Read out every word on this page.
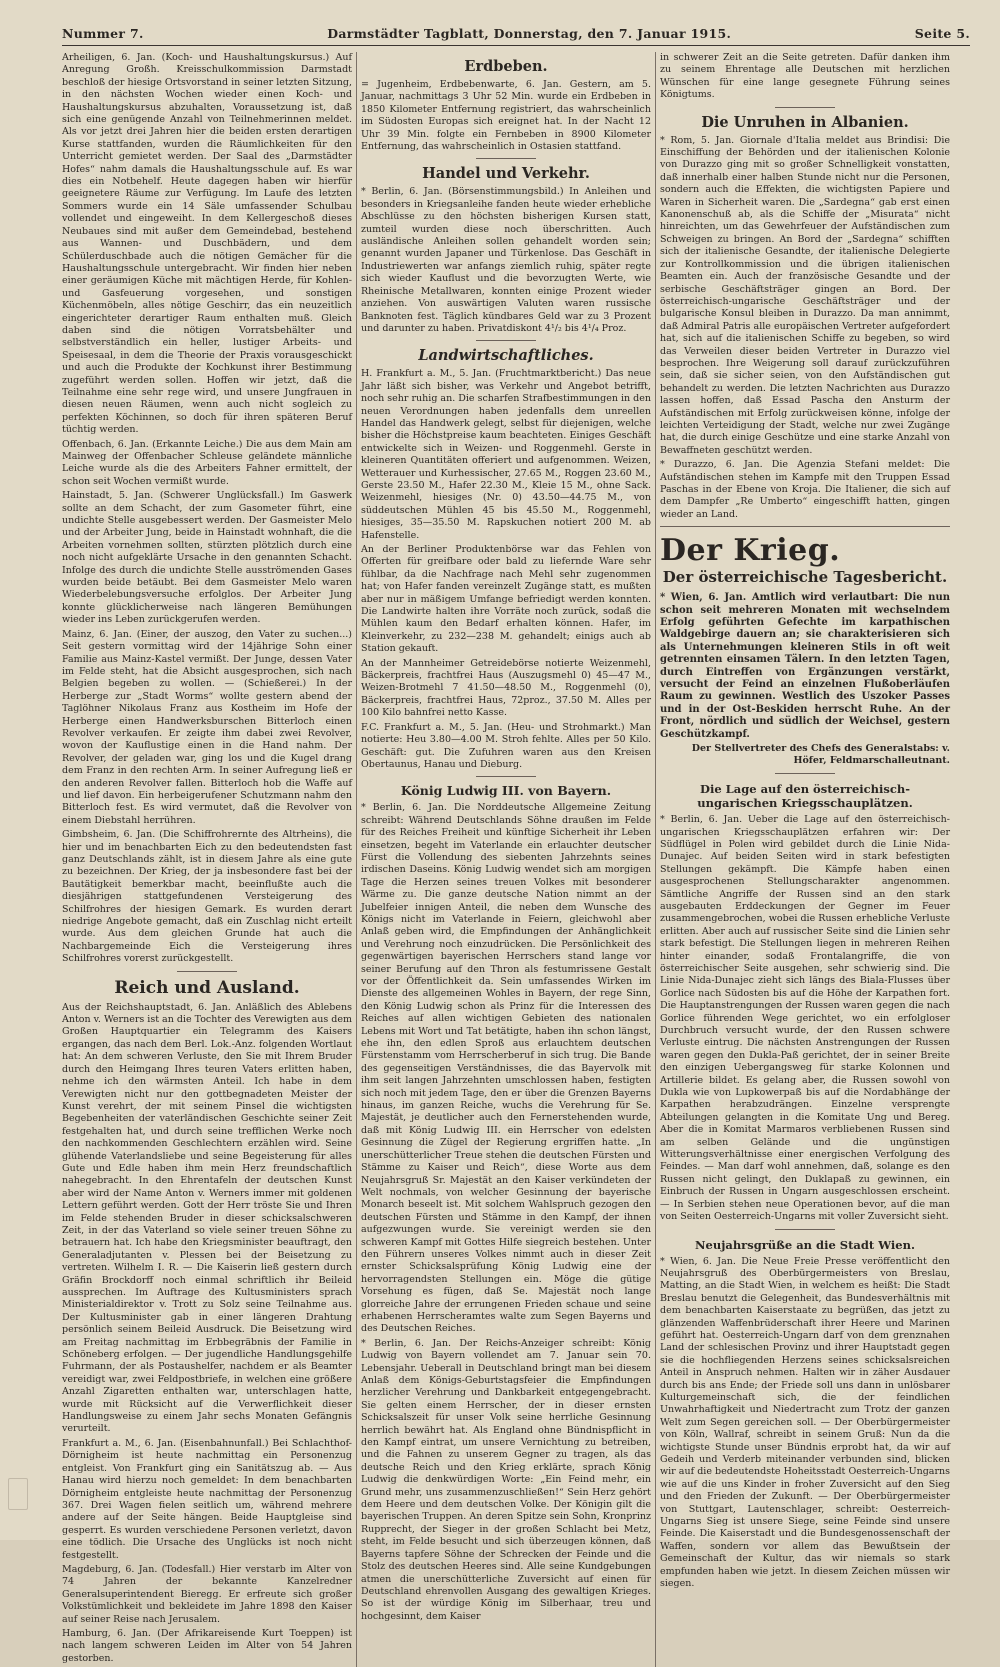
Nummer 7.	Darmstädter Tagblatt, Donnerstag, den 7. Januar 1915.	Seite 5.

Arheiligen, 6. Jan. (Koch- und Haushaltungskursus.) Auf Anregung Großh. Kreisschulkommission Darmstadt beschloß der hiesige Ortsvorstand in seiner letzten Sitzung, in den nächsten Wochen wieder einen Koch- und Haushaltungskursus abzuhalten, Voraussetzung ist, daß sich eine genügende Anzahl von Teilnehmerinnen meldet. Als vor jetzt drei Jahren hier die beiden ersten derartigen Kurse stattfanden, wurden die Räumlichkeiten für den Unterricht gemietet werden. Der Saal des „Darmstädter Hofes“ nahm damals die Haushaltungsschule auf. Es war dies ein Notbehelf. Heute dagegen haben wir hierfür geeignetere Räume zur Verfügung. Im Laufe des letzten Sommers wurde ein 14 Säle umfassender Schulbau vollendet und eingeweiht. In dem Kellergeschoß dieses Neubaues sind mit außer dem Gemeindebad, bestehend aus Wannen- und Duschbädern, und dem Schülerduschbade auch die nötigen Gemächer für die Haushaltungsschule untergebracht. Wir finden hier neben einer geräumigen Küche mit mächtigen Herde, für Kohlen- und Gasfeuerung vorgesehen, und sonstigen Küchenmöbeln, alles nötige Geschirr, das ein neuzeitlich eingerichteter derartiger Raum enthalten muß. Gleich daben sind die nötigen Vorratsbehälter und selbstverständlich ein heller, lustiger Arbeits- und Speisesaal, in dem die Theorie der Praxis vorausgeschickt und auch die Produkte der Kochkunst ihrer Bestimmung zugeführt werden sollen. Hoffen wir jetzt, daß die Teilnahme eine sehr rege wird, und unsere Jungfrauen in diesen neuen Räumen, wenn auch nicht sogleich zu perfekten Köchinnen, so doch für ihren späteren Beruf tüchtig werden.

Offenbach, 6. Jan. (Erkannte Leiche.) Die aus dem Main am Mainweg der Offenbacher Schleuse geländete männliche Leiche wurde als die des Arbeiters Fahner ermittelt, der schon seit Wochen vermißt wurde.

Hainstadt, 5. Jan. (Schwerer Unglücksfall.) Im Gaswerk sollte an dem Schacht, der zum Gasometer führt, eine undichte Stelle ausgebessert werden. Der Gasmeister Melo und der Arbeiter Jung, beide in Hainstadt wohnhaft, die die Arbeiten vornehmen sollten, stürzten plötzlich durch eine noch nicht aufgeklärte Ursache in den genannten Schacht. Infolge des durch die undichte Stelle ausströmenden Gases wurden beide betäubt. Bei dem Gasmeister Melo waren Wiederbelebungsversuche erfolglos. Der Arbeiter Jung konnte glücklicherweise nach längeren Bemühungen wieder ins Leben zurückgerufen werden.

Mainz, 6. Jan. (Einer, der auszog, den Vater zu suchen...) Seit gestern vormittag wird der 14jährige Sohn einer Familie aus Mainz-Kastel vermißt. Der Junge, dessen Vater im Felde steht, hat die Absicht ausgesprochen, sich nach Belgien begeben zu wollen. — (Schießerei.) In der Herberge zur „Stadt Worms“ wollte gestern abend der Taglöhner Nikolaus Franz aus Kostheim im Hofe der Herberge einen Handwerksburschen Bitterloch einen Revolver verkaufen. Er zeigte ihm dabei zwei Revolver, wovon der Kauflustige einen in die Hand nahm. Der Revolver, der geladen war, ging los und die Kugel drang dem Franz in den rechten Arm. In seiner Aufregung ließ er den anderen Revolver fallen. Bitterloch hob die Waffe auf und lief davon. Ein herbeigerufener Schutzmann nahm den Bitterloch fest. Es wird vermutet, daß die Revolver von einem Diebstahl herrühren.

Gimbsheim, 6. Jan. (Die Schiffrohrernte des Altrheins), die hier und im benachbarten Eich zu den bedeutendsten fast ganz Deutschlands zählt, ist in diesem Jahre als eine gute zu bezeichnen. Der Krieg, der ja insbesondere fast bei der Bautätigkeit bemerkbar macht, beeinflußte auch die diesjährigen stattgefundenen Versteigerung des Schilfrohres der hiesigen Gemark. Es wurden derart niedrige Angebote gemacht, daß ein Zuschlag nicht erteilt wurde. Aus dem gleichen Grunde hat auch die Nachbargemeinde Eich die Versteigerung ihres Schilfrohres vorerst zurückgestellt.

Reich und Ausland.

Aus der Reichshauptstadt, 6. Jan. Anläßlich des Ablebens Anton v. Werners ist an die Tochter des Verewigten aus dem Großen Hauptquartier ein Telegramm des Kaisers ergangen, das nach dem Berl. Lok.-Anz. folgenden Wortlaut hat: An dem schweren Verluste, den Sie mit Ihrem Bruder durch den Heimgang Ihres teuren Vaters erlitten haben, nehme ich den wärmsten Anteil. Ich habe in dem Verewigten nicht nur den gottbegnadeten Meister der Kunst verehrt, der mit seinem Pinsel die wichtigsten Begebenheiten der vaterländischen Geschichte seiner Zeit festgehalten hat, und durch seine trefflichen Werke noch den nachkommenden Geschlechtern erzählen wird. Seine glühende Vaterlandsliebe und seine Begeisterung für alles Gute und Edle haben ihm mein Herz freundschaftlich nahegebracht. In den Ehrentafeln der deutschen Kunst aber wird der Name Anton v. Werners immer mit goldenen Lettern geführt werden. Gott der Herr tröste Sie und Ihren im Felde stehenden Bruder in dieser schicksalschweren Zeit, in der das Vaterland so viele seiner treuen Söhne zu betrauern hat. Ich habe den Kriegsminister beauftragt, den Generaladjutanten v. Plessen bei der Beisetzung zu vertreten. Wilhelm I. R. — Die Kaiserin ließ gestern durch Gräfin Brockdorff noch einmal schriftlich ihr Beileid aussprechen. Im Auftrage des Kultusministers sprach Ministerialdirektor v. Trott zu Solz seine Teilnahme aus. Der Kultusminister gab in einer längeren Drahtung persönlich seinem Beileid Ausdruck. Die Beisetzung wird am Freitag nachmittag im Erbbegräbnis der Familie in Schöneberg erfolgen. — Der jugendliche Handlungsgehilfe Fuhrmann, der als Postaushelfer, nachdem er als Beamter vereidigt war, zwei Feldpostbriefe, in welchen eine größere Anzahl Zigaretten enthalten war, unterschlagen hatte, wurde mit Rücksicht auf die Verwerflichkeit dieser Handlungsweise zu einem Jahr sechs Monaten Gefängnis verurteilt.

Frankfurt a. M., 6. Jan. (Eisenbahnunfall.) Bei Schlachthof-Dörnigheim ist heute nachmittag ein Personenzug entgleist. Von Frankfurt ging ein Sanitätszug ab. — Aus Hanau wird hierzu noch gemeldet: In dem benachbarten Dörnigheim entgleiste heute nachmittag der Personenzug 367. Drei Wagen fielen seitlich um, während mehrere andere auf der Seite hängen. Beide Hauptgleise sind gesperrt. Es wurden verschiedene Personen verletzt, davon eine tödlich. Die Ursache des Unglücks ist noch nicht festgestellt.

Magdeburg, 6. Jan. (Todesfall.) Hier verstarb im Alter von 74 Jahren der bekannte Kanzelredner Generalsuperintendent Bieregg. Er erfreute sich großer Volkstümlichkeit und bekleidete im Jahre 1898 den Kaiser auf seiner Reise nach Jerusalem.

Hamburg, 6. Jan. (Der Afrikareisende Kurt Toeppen) ist nach langem schweren Leiden im Alter von 54 Jahren gestorben.

Erdbeben.

= Jugenheim, Erdbebenwarte, 6. Jan. Gestern, am 5. Januar, nachmittags 3 Uhr 52 Min. wurde ein Erdbeben in 1850 Kilometer Entfernung registriert, das wahrscheinlich im Südosten Europas sich ereignet hat. In der Nacht 12 Uhr 39 Min. folgte ein Fernbeben in 8900 Kilometer Entfernung, das wahrscheinlich in Ostasien stattfand.

Handel und Verkehr.

* Berlin, 6. Jan. (Börsenstimmungsbild.) In Anleihen und besonders in Kriegsanleihe fanden heute wieder erhebliche Abschlüsse zu den höchsten bisherigen Kursen statt, zumteil wurden diese noch überschritten. Auch ausländische Anleihen sollen gehandelt worden sein; genannt wurden Japaner und Türkenlose. Das Geschäft in Industriewerten war anfangs ziemlich ruhig, später regte sich wieder Kauflust und die bevorzugten Werte, wie Rheinische Metallwaren, konnten einige Prozent wieder anziehen. Von auswärtigen Valuten waren russische Banknoten fest. Täglich kündbares Geld war zu 3 Prozent und darunter zu haben. Privatdiskont 4¹/₂ bis 4¹/₄ Proz.

Landwirtschaftliches.

H. Frankfurt a. M., 5. Jan. (Fruchtmarktbericht.) Das neue Jahr läßt sich bisher, was Verkehr und Angebot betrifft, noch sehr ruhig an. Die scharfen Strafbestimmungen in den neuen Verordnungen haben jedenfalls dem unreellen Handel das Handwerk gelegt, selbst für diejenigen, welche bisher die Höchstpreise kaum beachteten. Einiges Geschäft entwickelte sich in Weizen- und Roggenmehl. Gerste in kleineren Quantitäten offeriert und aufgenommen. Weizen, Wetterauer und Kurhessischer, 27.65 M., Roggen 23.60 M., Gerste 23.50 M., Hafer 22.30 M., Kleie 15 M., ohne Sack. Weizenmehl, hiesiges (Nr. 0) 43.50—44.75 M., von süddeutschen Mühlen 45 bis 45.50 M., Roggenmehl, hiesiges, 35—35.50 M. Rapskuchen notiert 200 M. ab Hafenstelle.

An der Berliner Produktenbörse war das Fehlen von Offerten für greifbare oder bald zu liefernde Ware sehr fühlbar, da die Nachfrage nach Mehl sehr zugenommen hat; von Hafer fanden vereinzelt Zugänge statt, es mußten aber nur in mäßigem Umfange befriedigt werden konnten. Die Landwirte halten ihre Vorräte noch zurück, sodaß die Mühlen kaum den Bedarf erhalten können. Hafer, im Kleinverkehr, zu 232—238 M. gehandelt; einigs auch ab Station gekauft.

An der Mannheimer Getreidebörse notierte Weizenmehl, Bäckerpreis, frachtfrei Haus (Auszugsmehl 0) 45—47 M., Weizen-Brotmehl 7 41.50—48.50 M., Roggenmehl (0), Bäckerpreis, frachtfrei Haus, 72proz., 37.50 M. Alles per 100 Kilo bahnfrei netto Kasse.

F.C. Frankfurt a. M., 5. Jan. (Heu- und Strohmarkt.) Man notierte: Heu 3.80—4.00 M. Stroh fehlte. Alles per 50 Kilo. Geschäft: gut. Die Zufuhren waren aus den Kreisen Obertaunus, Hanau und Dieburg.

König Ludwig III. von Bayern.

* Berlin, 6. Jan. Die Norddeutsche Allgemeine Zeitung schreibt: Während Deutschlands Söhne draußen im Felde für des Reiches Freiheit und künftige Sicherheit ihr Leben einsetzen, begeht im Vaterlande ein erlauchter deutscher Fürst die Vollendung des siebenten Jahrzehnts seines irdischen Daseins. König Ludwig wendet sich am morgigen Tage die Herzen seines treuen Volkes mit besonderer Wärme zu. Die ganze deutsche Nation nimmt an der Jubelfeier innigen Anteil, die neben dem Wunsche des Königs nicht im Vaterlande in Feiern, gleichwohl aber Anlaß geben wird, die Empfindungen der Anhänglichkeit und Verehrung noch einzudrücken. Die Persönlichkeit des gegenwärtigen bayerischen Herrschers stand lange vor seiner Berufung auf den Thron als festumrissene Gestalt vor der Öffentlichkeit da. Sein umfassendes Wirken im Dienste des allgemeinen Wohles in Bayern, der rege Sinn, den König Ludwig schon als Prinz für die Interessen des Reiches auf allen wichtigen Gebieten des nationalen Lebens mit Wort und Tat betätigte, haben ihn schon längst, ehe ihn, den edlen Sproß aus erlauchtem deutschen Fürstenstamm vom Herrscherberuf in sich trug. Die Bande des gegenseitigen Verständnisses, die das Bayervolk mit ihm seit langen Jahrzehnten umschlossen haben, festigten sich noch mit jedem Tage, den er über die Grenzen Bayerns hinaus, im ganzen Reiche, wuchs die Verehrung für Se. Majestät, je deutlicher auch den Fernerstehenden wurde, daß mit König Ludwig III. ein Herrscher von edelsten Gesinnung die Zügel der Regierung ergriffen hatte. „In unerschütterlicher Treue stehen die deutschen Fürsten und Stämme zu Kaiser und Reich“, diese Worte aus dem Neujahrsgruß Sr. Majestät an den Kaiser verkündeten der Welt nochmals, von welcher Gesinnung der bayerische Monarch beseelt ist. Mit solchem Wahlspruch gezogen den deutschen Fürsten und Stämme in den Kampf, der ihnen aufgezwungen wurde. Sie vereinigt werden sie den schweren Kampf mit Gottes Hilfe siegreich bestehen. Unter den Führern unseres Volkes nimmt auch in dieser Zeit ernster Schicksalsprüfung König Ludwig eine der hervorragendsten Stellungen ein. Möge die gütige Vorsehung es fügen, daß Se. Majestät noch lange glorreiche Jahre der errungenen Frieden schaue und seine erhabenen Herrscheramtes walte zum Segen Bayerns und des Deutschen Reiches.

* Berlin, 6. Jan. Der Reichs-Anzeiger schreibt: König Ludwig von Bayern vollendet am 7. Januar sein 70. Lebensjahr. Ueberall in Deutschland bringt man bei diesem Anlaß dem Königs-Geburtstagsfeier die Empfindungen herzlicher Verehrung und Dankbarkeit entgegengebracht. Sie gelten einem Herrscher, der in dieser ernsten Schicksalszeit für unser Volk seine herrliche Gesinnung herrlich bewährt hat. Als England ohne Bündnispflicht in den Kampf eintrat, um unsere Vernichtung zu betreiben, und die Fahnen zu unserem Gegner zu tragen, als das deutsche Reich und den Krieg erklärte, sprach König Ludwig die denkwürdigen Worte: „Ein Feind mehr, ein Grund mehr, uns zusammenzuschließen!“ Sein Herz gehört dem Heere und dem deutschen Volke. Der Königin gilt die bayerischen Truppen. An deren Spitze sein Sohn, Kronprinz Rupprecht, der Sieger in der großen Schlacht bei Metz, steht, im Felde besucht und sich überzeugen können, daß Bayerns tapfere Söhne der Schrecken der Feinde und die Stolz des deutschen Heeres sind. Alle seine Kundgebungen atmen die unerschütterliche Zuversicht auf einen für Deutschland ehrenvollen Ausgang des gewaltigen Krieges. So ist der würdige König im Silberhaar, treu und hochgesinnt, dem Kaiser

in schwerer Zeit an die Seite getreten. Dafür danken ihm zu seinem Ehrentage alle Deutschen mit herzlichen Wünschen für eine lange gesegnete Führung seines Königtums.

Die Unruhen in Albanien.

* Rom, 5. Jan. Giornale d'Italia meldet aus Brindisi: Die Einschiffung der Behörden und der italienischen Kolonie von Durazzo ging mit so großer Schnelligkeit vonstatten, daß innerhalb einer halben Stunde nicht nur die Personen, sondern auch die Effekten, die wichtigsten Papiere und Waren in Sicherheit waren. Die „Sardegna“ gab erst einen Kanonenschuß ab, als die Schiffe der „Misurata“ nicht hinreichten, um das Gewehrfeuer der Aufständischen zum Schweigen zu bringen. An Bord der „Sardegna“ schifften sich der italienische Gesandte, der italienische Delegierte zur Kontrollkommission und die übrigen italienischen Beamten ein. Auch der französische Gesandte und der serbische Geschäftsträger gingen an Bord. Der österreichisch-ungarische Geschäftsträger und der bulgarische Konsul bleiben in Durazzo. Da man annimmt, daß Admiral Patris alle europäischen Vertreter aufgefordert hat, sich auf die italienischen Schiffe zu begeben, so wird das Verweilen dieser beiden Vertreter in Durazzo viel besprochen. Ihre Weigerung soll darauf zurückzuführen sein, daß sie sicher seien, von den Aufständischen gut behandelt zu werden. Die letzten Nachrichten aus Durazzo lassen hoffen, daß Essad Pascha den Ansturm der Aufständischen mit Erfolg zurückweisen könne, infolge der leichten Verteidigung der Stadt, welche nur zwei Zugänge hat, die durch einige Geschütze und eine starke Anzahl von Bewaffneten geschützt werden.

* Durazzo, 6. Jan. Die Agenzia Stefani meldet: Die Aufständischen stehen im Kampfe mit den Truppen Essad Paschas in der Ebene von Kroja. Die Italiener, die sich auf dem Dampfer „Re Umberto“ eingeschifft hatten, gingen wieder an Land.

Der Krieg.
Der österreichische Tagesbericht.

* Wien, 6. Jan. Amtlich wird verlautbart: Die nun schon seit mehreren Monaten mit wechselndem Erfolg geführten Gefechte im karpathischen Waldgebirge dauern an; sie charakterisieren sich als Unternehmungen kleineren Stils in oft weit getrennten einsamen Tälern. In den letzten Tagen, durch Eintreffen von Ergänzungen verstärkt, versucht der Feind an einzelnen Flußoberläufen Raum zu gewinnen. Westlich des Uszoker Passes und in der Ost-Beskiden herrscht Ruhe. An der Front, nördlich und südlich der Weichsel, gestern Geschützkampf.

Der Stellvertreter des Chefs des Generalstabs: v. Höfer, Feldmarschalleutnant.
Die Lage auf den österreichisch-ungarischen Kriegsschauplätzen.

* Berlin, 6. Jan. Ueber die Lage auf den österreichisch-ungarischen Kriegsschauplätzen erfahren wir: Der Südflügel in Polen wird gebildet durch die Linie Nida-Dunajec. Auf beiden Seiten wird in stark befestigten Stellungen gekämpft. Die Kämpfe haben einen ausgesprochenen Stellungscharakter angenommen. Sämtliche Angriffe der Russen sind an den stark ausgebauten Erddeckungen der Gegner im Feuer zusammengebrochen, wobei die Russen erhebliche Verluste erlitten. Aber auch auf russischer Seite sind die Linien sehr stark befestigt. Die Stellungen liegen in mehreren Reihen hinter einander, sodaß Frontalangriffe, die von österreichischer Seite ausgehen, sehr schwierig sind. Die Linie Nida-Dunajec zieht sich längs des Biala-Flusses über Gorlice nach Südosten bis auf die Höhe der Karpathen fort. Die Hauptanstrengungen der Russen waren gegen die nach Gorlice führenden Wege gerichtet, wo ein erfolgloser Durchbruch versucht wurde, der den Russen schwere Verluste eintrug. Die nächsten Anstrengungen der Russen waren gegen den Dukla-Paß gerichtet, der in seiner Breite den einzigen Uebergangsweg für starke Kolonnen und Artillerie bildet. Es gelang aber, die Russen sowohl von Dukla wie von Lupkowerpaß bis auf die Nordabhänge der Karpathen herabzudrängen. Einzelne versprengte Abteilungen gelangten in die Komitate Ung und Bereg. Aber die in Komitat Marmaros verbliebenen Russen sind am selben Gelände und die ungünstigen Witterungsverhältnisse einer energischen Verfolgung des Feindes. — Man darf wohl annehmen, daß, solange es den Russen nicht gelingt, den Duklapaß zu gewinnen, ein Einbruch der Russen in Ungarn ausgeschlossen erscheint. — In Serbien stehen neue Operationen bevor, auf die man von Seiten Oesterreich-Ungarns mit voller Zuversicht sieht.

Neujahrsgrüße an die Stadt Wien.

* Wien, 6. Jan. Die Neue Freie Presse veröffentlicht den Neujahrsgruß des Oberbürgermeisters von Breslau, Matting, an die Stadt Wien, in welchem es heißt: Die Stadt Breslau benutzt die Gelegenheit, das Bundesverhältnis mit dem benachbarten Kaiserstaate zu begrüßen, das jetzt zu glänzenden Waffenbrüderschaft ihrer Heere und Marinen geführt hat. Oesterreich-Ungarn darf von dem grenznahen Land der schlesischen Provinz und ihrer Hauptstadt gegen sie die hochfliegenden Herzens seines schicksalsreichen Anteil in Anspruch nehmen. Halten wir in zäher Ausdauer durch bis ans Ende; der Friede soll uns dann in unlösbarer Kulturgemeinschaft sich, die der feindlichen Unwahrhaftigkeit und Niedertracht zum Trotz der ganzen Welt zum Segen gereichen soll. — Der Oberbürgermeister von Köln, Wallraf, schreibt in seinem Gruß: Nun da die wichtigste Stunde unser Bündnis erprobt hat, da wir auf Gedeih und Verderb miteinander verbunden sind, blicken wir auf die bedeutendste Hoheitsstadt Oesterreich-Ungarns wie auf die uns Kinder in froher Zuversicht auf den Sieg und den Frieden der Zukunft. — Der Oberbürgermeister von Stuttgart, Lautenschlager, schreibt: Oesterreich-Ungarns Sieg ist unsere Siege, seine Feinde sind unsere Feinde. Die Kaiserstadt und die Bundesgenossenschaft der Waffen, sondern vor allem das Bewußtsein der Gemeinschaft der Kultur, das wir niemals so stark empfunden haben wie jetzt. In diesem Zeichen müssen wir siegen.
